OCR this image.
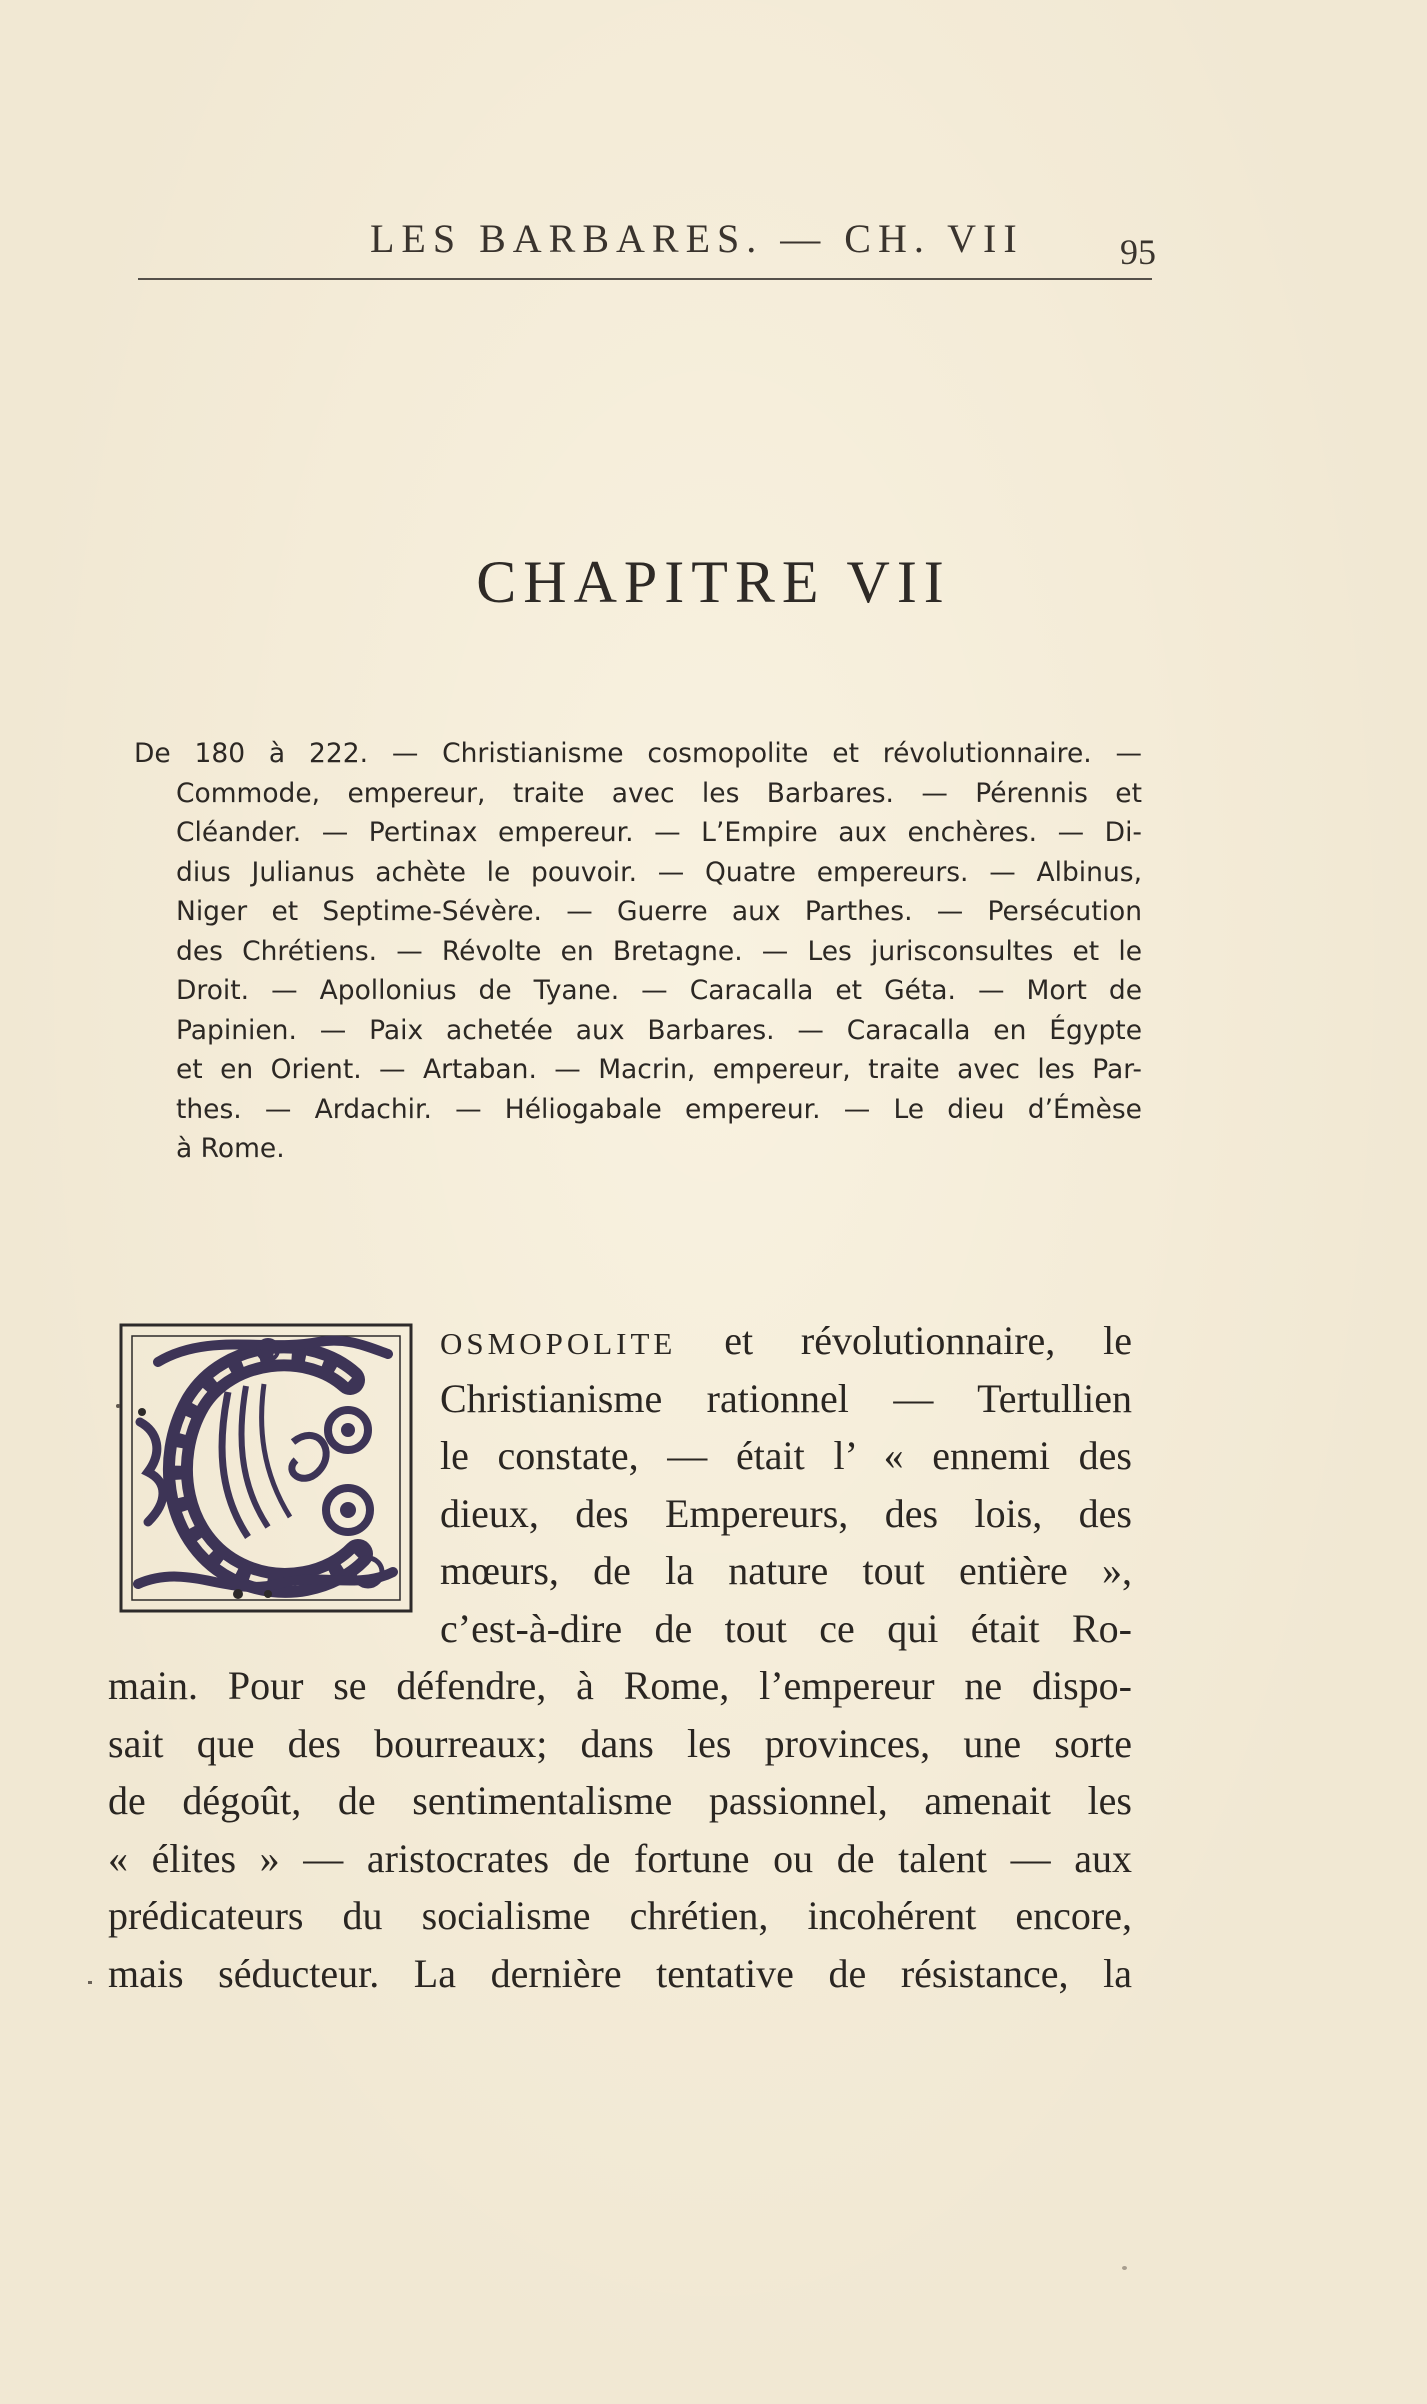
LES BARBARES. — CH. VII	95
CHAPITRE VII
De 180 à 222. — Christianisme cosmopolite et révolutionnaire. —
Commode, empereur, traite avec les Barbares. — Pérennis et
Cléander. — Pertinax empereur. — L’Empire aux enchères. — Di-
dius Julianus achète le pouvoir. — Quatre empereurs. — Albinus,
Niger et Septime-Sévère. — Guerre aux Parthes. — Persécution
des Chrétiens. — Révolte en Bretagne. — Les jurisconsultes et le
Droit. — Apollonius de Tyane. — Caracalla et Géta. — Mort de
Papinien. — Paix achetée aux Barbares. — Caracalla en Égypte
et en Orient. — Artaban. — Macrin, empereur, traite avec les Par-
thes. — Ardachir. — Héliogabale empereur. — Le dieu d’Émèse
à Rome.
OSMOPOLITE et révolutionnaire, le
Christianisme rationnel — Tertullien
le constate, — était l’ « ennemi des
dieux, des Empereurs, des lois, des
mœurs, de la nature tout entière »,
c’est-à-dire de tout ce qui était Ro-
main. Pour se défendre, à Rome, l’empereur ne dispo-
sait que des bourreaux; dans les provinces, une sorte
de dégoût, de sentimentalisme passionnel, amenait les
« élites » — aristocrates de fortune ou de talent — aux
prédicateurs du socialisme chrétien, incohérent encore,
mais séducteur. La dernière tentative de résistance, la
